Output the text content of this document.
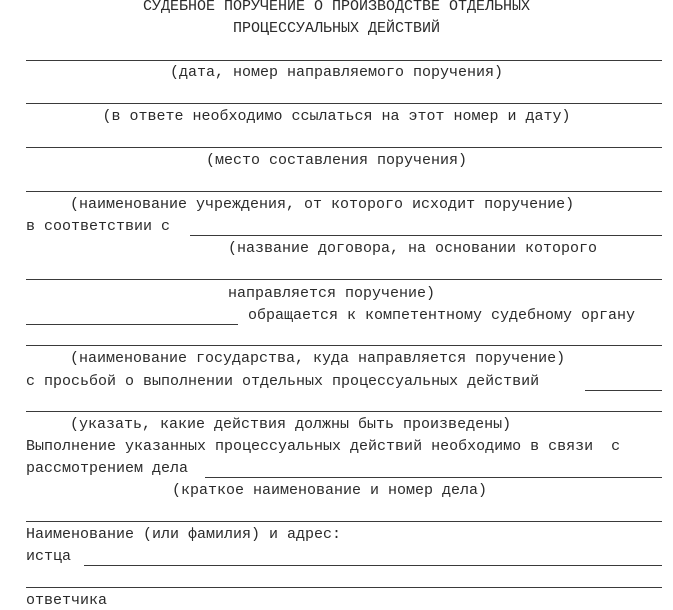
СУДЕБНОЕ ПОРУЧЕНИЕ О ПРОИЗВОДСТВЕ ОТДЕЛЬНЫХ
ПРОЦЕССУАЛЬНЫХ ДЕЙСТВИЙ
(дата, номер направляемого поручения)
(в ответе необходимо ссылаться на этот номер и дату)
(место составления поручения)
(наименование учреждения, от которого исходит поручение)
в соответствии с
(название договора, на основании которого
направляется поручение)
обращается к компетентному судебному органу
(наименование государства, куда направляется поручение)
с просьбой о выполнении отдельных процессуальных действий
(указать, какие действия должны быть произведены)
Выполнение указанных процессуальных действий необходимо в связи  с
рассмотрением дела
(краткое наименование и номер дела)
Наименование (или фамилия) и адрес:
истца
ответчика
